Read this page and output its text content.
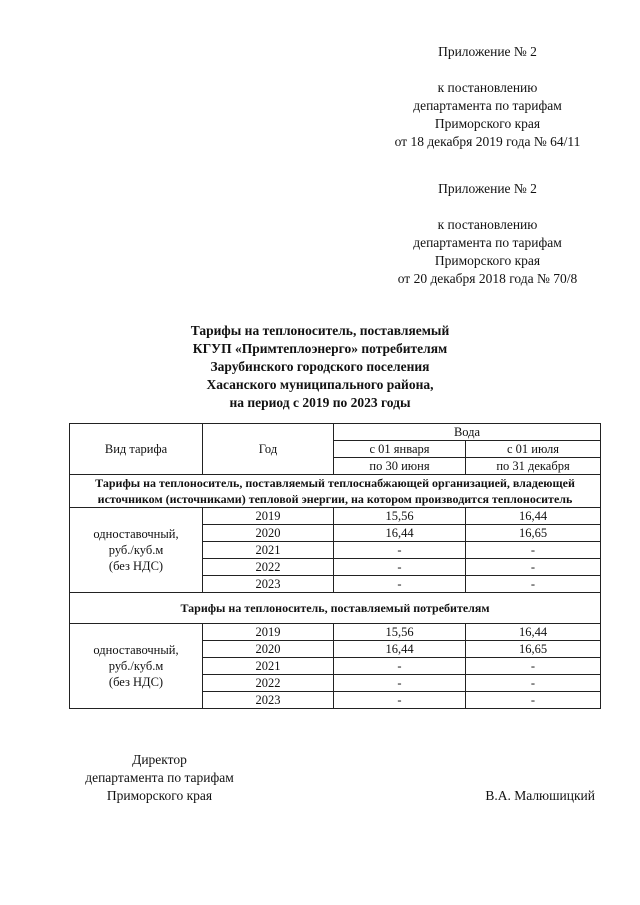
Приложение № 2
к постановлению
департамента по тарифам
Приморского края
от 18 декабря 2019 года № 64/11
Приложение № 2
к постановлению
департамента по тарифам
Приморского края
от 20 декабря 2018 года № 70/8
Тарифы на теплоноситель, поставляемый
КГУП «Примтеплоэнерго» потребителям
Зарубинского городского поселения
Хасанского муниципального района,
на период с 2019 по 2023 годы
Вид тарифа	Год	Вода	
		с 01 января	с 01 июля
		по 30 июня	по 31 декабря
Тарифы на теплоноситель, поставляемый теплоснабжающей организацией, владеющей источником (источниками) тепловой энергии, на котором производится теплоноситель			

одноставочный,
руб./куб.м
(без НДС)	2019	15,56	16,44
	2020	16,44	16,65
	2021	-	-
	2022	-	-
	2023	-	-
Тарифы на теплоноситель, поставляемый потребителям			

одноставочный,
руб./куб.м
(без НДС)	2019	15,56	16,44
	2020	16,44	16,65
	2021	-	-
	2022	-	-
	2023	-	-
Директор
департамента по тарифам
Приморского края	В.А. Малюшицкий
